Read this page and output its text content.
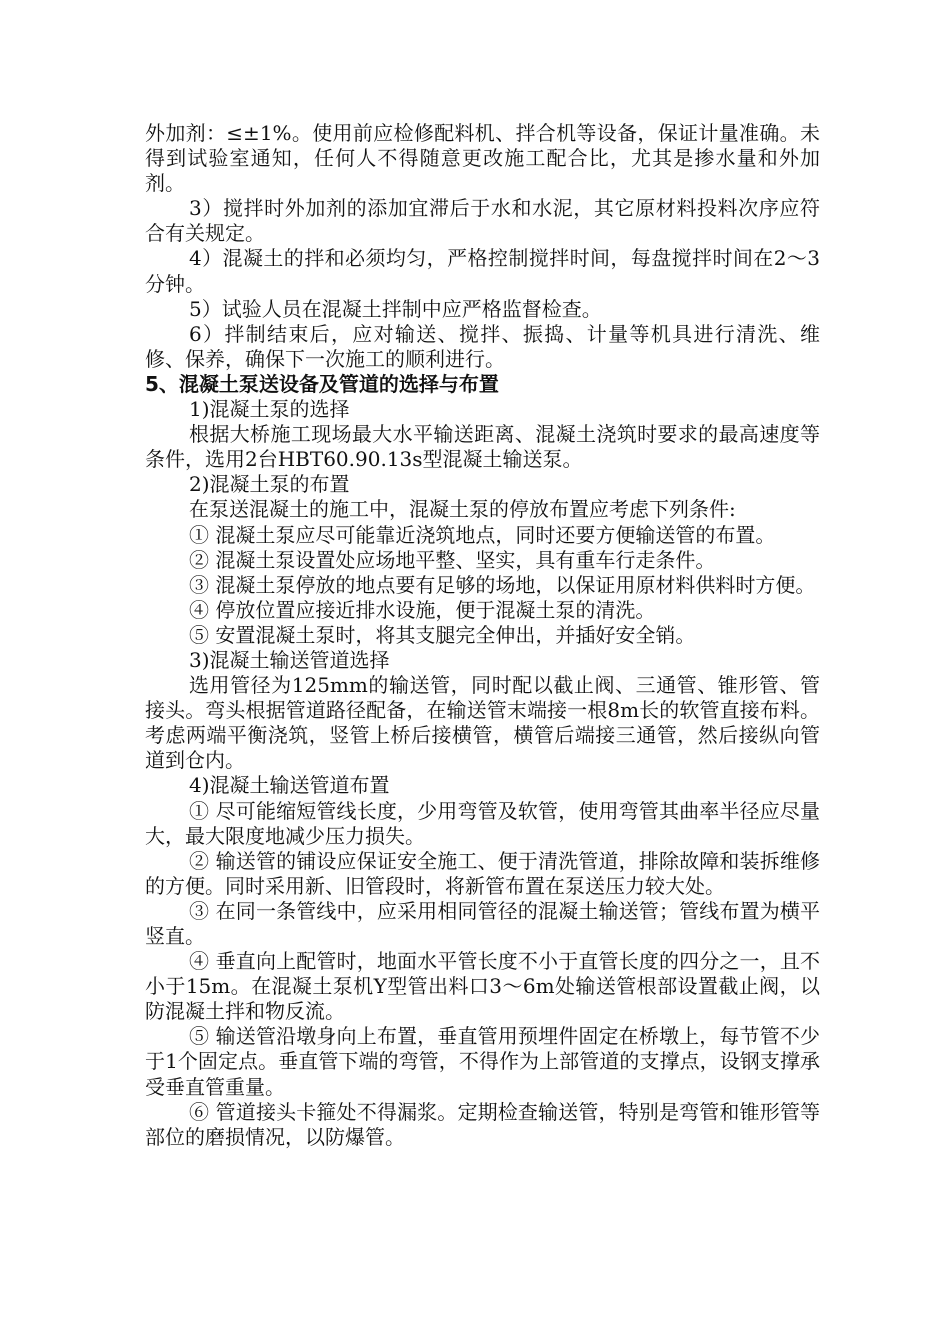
外加剂：≤±1%。使用前应检修配料机、拌合机等设备，保证计量准确。未得到试验室通知，任何人不得随意更改施工配合比，尤其是掺水量和外加剂。

3）搅拌时外加剂的添加宜滞后于水和水泥，其它原材料投料次序应符合有关规定。

4）混凝土的拌和必须均匀，严格控制搅拌时间，每盘搅拌时间在2～3分钟。

5）试验人员在混凝土拌制中应严格监督检查。

6）拌制结束后，应对输送、搅拌、振捣、计量等机具进行清洗、维修、保养，确保下一次施工的顺利进行。

5、混凝土泵送设备及管道的选择与布置

1)混凝土泵的选择

根据大桥施工现场最大水平输送距离、混凝土浇筑时要求的最高速度等条件，选用2台HBT60.90.13s型混凝土输送泵。

2)混凝土泵的布置

在泵送混凝土的施工中，混凝土泵的停放布置应考虑下列条件:

① 混凝土泵应尽可能靠近浇筑地点，同时还要方便输送管的布置。

② 混凝土泵设置处应场地平整、坚实，具有重车行走条件。

③ 混凝土泵停放的地点要有足够的场地，以保证用原材料供料时方便。

④ 停放位置应接近排水设施，便于混凝土泵的清洗。

⑤ 安置混凝土泵时，将其支腿完全伸出，并插好安全销。

3)混凝土输送管道选择

选用管径为125mm的输送管，同时配以截止阀、三通管、锥形管、管接头。弯头根据管道路径配备，在输送管末端接一根8m长的软管直接布料。考虑两端平衡浇筑，竖管上桥后接横管，横管后端接三通管，然后接纵向管道到仓内。

4)混凝土输送管道布置

① 尽可能缩短管线长度，少用弯管及软管，使用弯管其曲率半径应尽量大，最大限度地减少压力损失。

② 输送管的铺设应保证安全施工、便于清洗管道，排除故障和装拆维修的方便。同时采用新、旧管段时，将新管布置在泵送压力较大处。

③ 在同一条管线中，应采用相同管径的混凝土输送管；管线布置为横平竖直。

④ 垂直向上配管时，地面水平管长度不小于直管长度的四分之一，且不小于15m。在混凝土泵机Y型管出料口3～6m处输送管根部设置截止阀，以防混凝土拌和物反流。

⑤ 输送管沿墩身向上布置，垂直管用预埋件固定在桥墩上，每节管不少于1个固定点。垂直管下端的弯管，不得作为上部管道的支撑点，设钢支撑承受垂直管重量。

⑥ 管道接头卡箍处不得漏浆。定期检查输送管，特别是弯管和锥形管等部位的磨损情况，以防爆管。
